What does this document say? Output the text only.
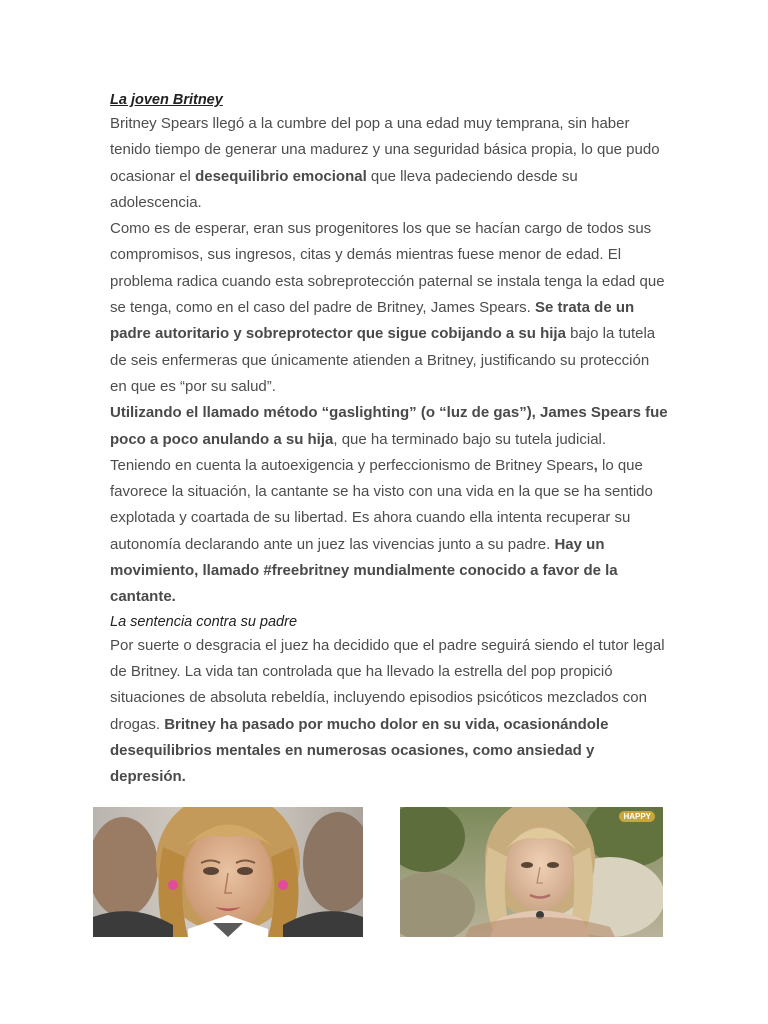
La joven Britney

Britney Spears llegó a la cumbre del pop a una edad muy temprana, sin haber tenido tiempo de generar una madurez y una seguridad básica propia, lo que pudo ocasionar el desequilibrio emocional que lleva padeciendo desde su adolescencia.

Como es de esperar, eran sus progenitores los que se hacían cargo de todos sus compromisos, sus ingresos, citas y demás mientras fuese menor de edad. El problema radica cuando esta sobreprotección paternal se instala tenga la edad que se tenga, como en el caso del padre de Britney, James Spears. Se trata de un padre autoritario y sobreprotector que sigue cobijando a su hija bajo la tutela de seis enfermeras que únicamente atienden a Britney, justificando su protección en que es “por su salud”.

Utilizando el llamado método “gaslighting” (o “luz de gas”), James Spears fue poco a poco anulando a su hija, que ha terminado bajo su tutela judicial. Teniendo en cuenta la autoexigencia y perfeccionismo de Britney Spears, lo que favorece la situación, la cantante se ha visto con una vida en la que se ha sentido explotada y coartada de su libertad. Es ahora cuando ella intenta recuperar su autonomía declarando ante un juez las vivencias junto a su padre. Hay un movimiento, llamado #freebritney mundialmente conocido a favor de la cantante.

La sentencia contra su padre

Por suerte o desgracia el juez ha decidido que el padre seguirá siendo el tutor legal de Britney. La vida tan controlada que ha llevado la estrella del pop propició situaciones de absoluta rebeldía, incluyendo episodios psicóticos mezclados con drogas. Britney ha pasado por mucho dolor en su vida, ocasionándole desequilibrios mentales en numerosas ocasiones, como ansiedad y depresión.

HAPPY
